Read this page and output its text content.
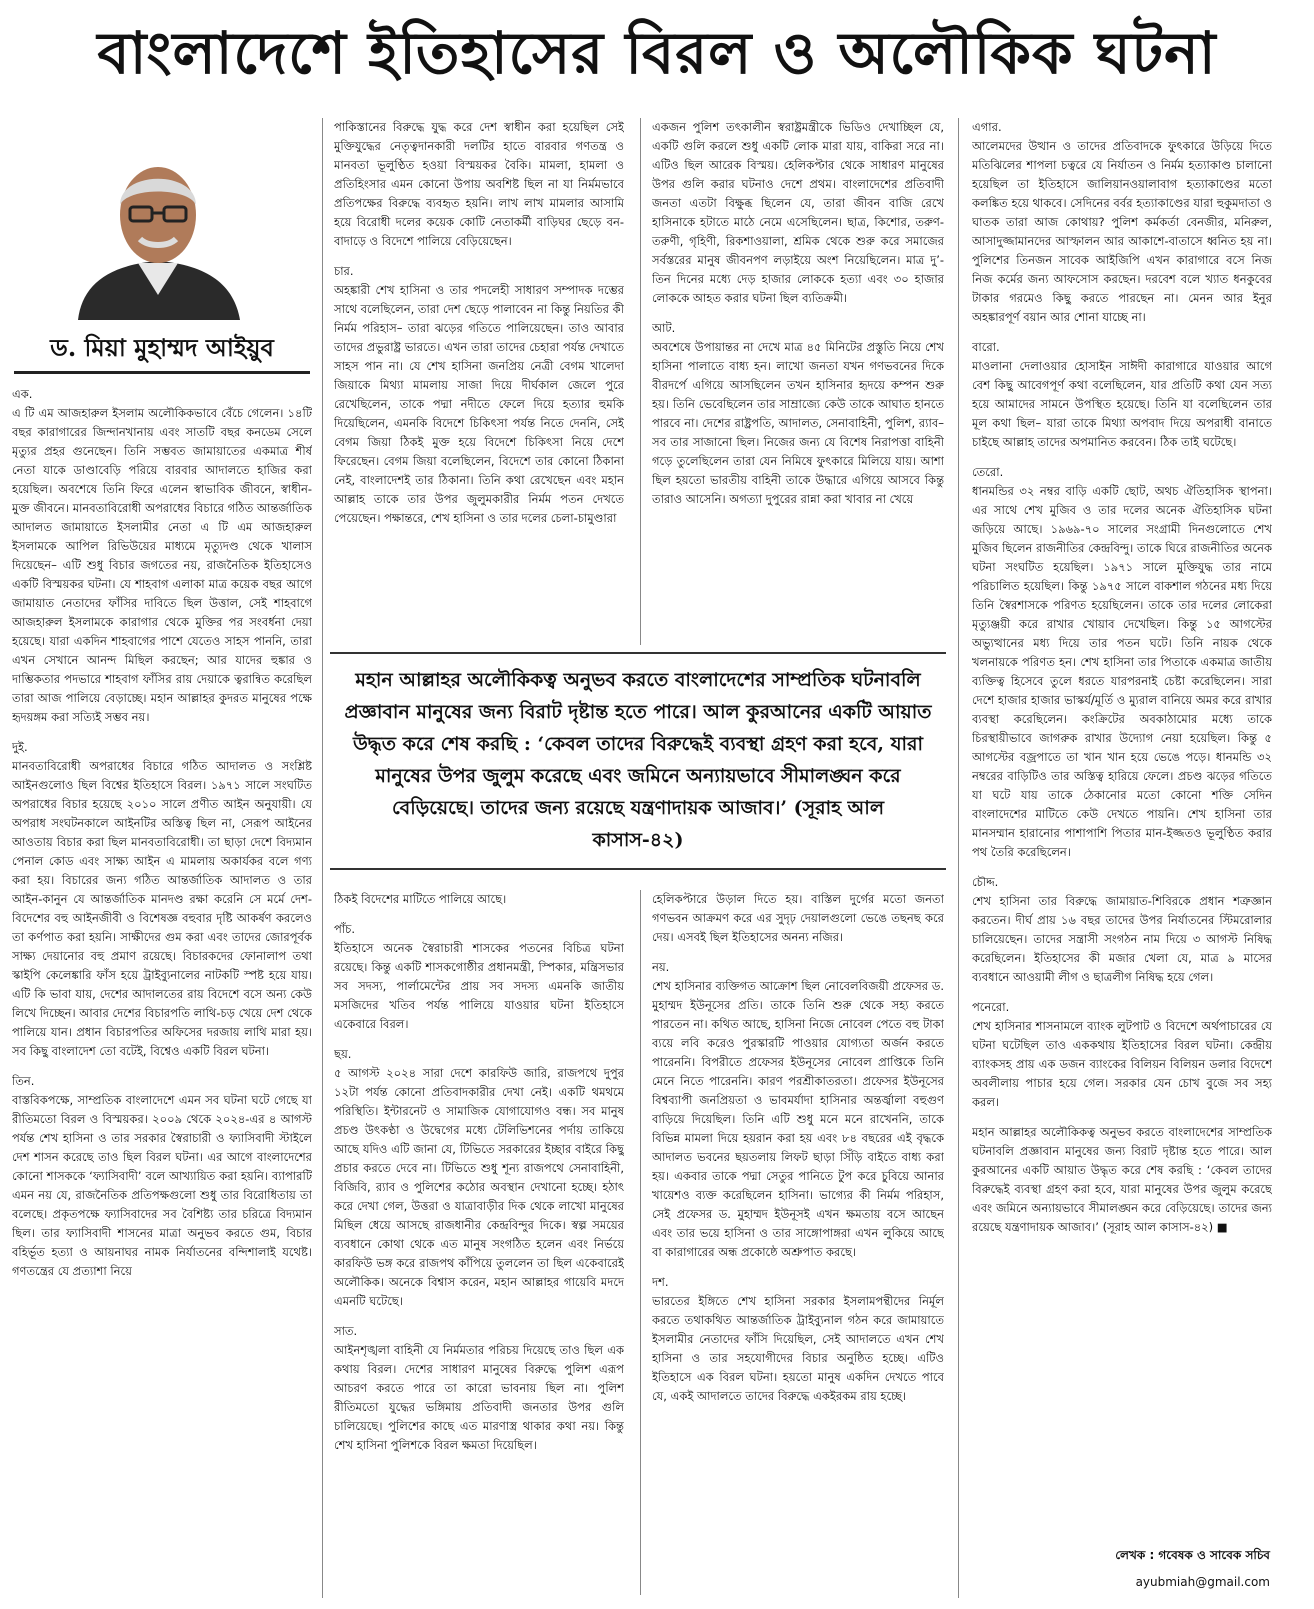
বাংলাদেশে ইতিহাসের বিরল ও অলৌকিক ঘটনা
ড. মিয়া মুহাম্মদ আইয়ুব

এক.
এ টি এম আজহারুল ইসলাম অলৌকিকভাবে বেঁচে গেলেন। ১৪টি বছর কারাগারের জিন্দানখানায় এবং সাতটি বছর কনডেম সেলে মৃত্যুর প্রহর গুনেছেন। তিনি সম্ভবত জামায়াতের একমাত্র শীর্ষ নেতা যাকে ডাণ্ডাবেড়ি পরিয়ে বারবার আদালতে হাজির করা হয়েছিল। অবশেষে তিনি ফিরে এলেন স্বাভাবিক জীবনে, স্বাধীন-মুক্ত জীবনে। মানবতাবিরোধী অপরাধের বিচারে গঠিত আন্তর্জাতিক আদালত জামায়াতে ইসলামীর নেতা এ টি এম আজহারুল ইসলামকে আপিল রিভিউয়ের মাধ্যমে মৃত্যুদণ্ড থেকে খালাস দিয়েছেন– এটি শুধু বিচার জগতের নয়, রাজনৈতিক ইতিহাসেও একটি বিস্ময়কর ঘটনা। যে শাহবাগ এলাকা মাত্র কয়েক বছর আগে জামায়াত নেতাদের ফাঁসির দাবিতে ছিল উত্তাল, সেই শাহবাগে আজহারুল ইসলামকে কারাগার থেকে মুক্তির পর সংবর্ধনা দেয়া হয়েছে। যারা একদিন শাহবাগের পাশে যেতেও সাহস পাননি, তারা এখন সেখানে আনন্দ মিছিল করছেন; আর যাদের হুঙ্কার ও দাম্ভিকতার পদভারে শাহবাগ ফাঁসির রায় দেয়াকে ত্বরান্বিত করেছিল তারা আজ পালিয়ে বেড়াচ্ছে। মহান আল্লাহর কুদরত মানুষের পক্ষে হৃদয়ঙ্গম করা সত্যিই সম্ভব নয়।

দুই.
মানবতাবিরোধী অপরাধের বিচারে গঠিত আদালত ও সংশ্লিষ্ট আইনগুলোও ছিল বিশ্বের ইতিহাসে বিরল। ১৯৭১ সালে সংঘটিত অপরাধের বিচার হয়েছে ২০১০ সালে প্রণীত আইন অনুযায়ী। যে অপরাধ সংঘটনকালে আইনটির অস্তিত্ব ছিল না, সেরূপ আইনের আওতায় বিচার করা ছিল মানবতাবিরোধী। তা ছাড়া দেশে বিদ্যমান পেনাল কোড এবং সাক্ষ্য আইন এ মামলায় অকার্যকর বলে গণ্য করা হয়। বিচারের জন্য গঠিত আন্তর্জাতিক আদালত ও তার আইন-কানুন যে আন্তর্জাতিক মানদণ্ড রক্ষা করেনি সে মর্মে দেশ-বিদেশের বহু আইনজীবী ও বিশেষজ্ঞ বহুবার দৃষ্টি আকর্ষণ করলেও তা কর্ণপাত করা হয়নি। সাক্ষীদের গুম করা এবং তাদের জোরপূর্বক সাক্ষ্য দেয়ানোর বহু প্রমাণ রয়েছে। বিচারকদের ফোনালাপ তথা স্কাইপি কেলেঙ্কারি ফাঁস হয়ে ট্রাইব্যুনালের নাটকটি স্পষ্ট হয়ে যায়। এটি কি ভাবা যায়, দেশের আদালতের রায় বিদেশে বসে অন্য কেউ লিখে দিচ্ছেন। আবার দেশের বিচারপতি লাথি-চড় খেয়ে দেশ থেকে পালিয়ে যান। প্রধান বিচারপতির অফিসের দরজায় লাথি মারা হয়। সব কিছু বাংলাদেশ তো বটেই, বিশ্বেও একটি বিরল ঘটনা।

তিন.
বাস্তবিকপক্ষে, সাম্প্রতিক বাংলাদেশে এমন সব ঘটনা ঘটে গেছে যা রীতিমতো বিরল ও বিস্ময়কর। ২০০৯ থেকে ২০২৪-এর ৪ আগস্ট পর্যন্ত শেখ হাসিনা ও তার সরকার স্বৈরাচারী ও ফ্যাসিবাদী স্টাইলে দেশ শাসন করেছে তাও ছিল বিরল ঘটনা। এর আগে বাংলাদেশের কোনো শাসককে ‘ফ্যাসিবাদী’ বলে আখ্যায়িত করা হয়নি। ব্যাপারটি এমন নয় যে, রাজনৈতিক প্রতিপক্ষগুলো শুধু তার বিরোধিতায় তা বলেছে। প্রকৃতপক্ষে ফ্যাসিবাদের সব বৈশিষ্ট্য তার চরিত্রে বিদ্যমান ছিল। তার ফ্যাসিবাদী শাসনের মাত্রা অনুভব করতে গুম, বিচার বহির্ভূত হত্যা ও আয়নাঘর নামক নির্যাতনের বন্দিশালাই যথেষ্ট। গণতন্ত্রের যে প্রত্যাশা নিয়ে

পাকিস্তানের বিরুদ্ধে যুদ্ধ করে দেশ স্বাধীন করা হয়েছিল সেই মুক্তিযুদ্ধের নেতৃত্বদানকারী দলটির হাতে বারবার গণতন্ত্র ও মানবতা ভূলুণ্ঠিত হওয়া বিস্ময়কর বৈকি। মামলা, হামলা ও প্রতিহিংসার এমন কোনো উপায় অবশিষ্ট ছিল না যা নির্মমভাবে প্রতিপক্ষের বিরুদ্ধে ব্যবহৃত হয়নি। লাখ লাখ মামলার আসামি হয়ে বিরোধী দলের কয়েক কোটি নেতাকর্মী বাড়িঘর ছেড়ে বন-বাদাড়ে ও বিদেশে পালিয়ে বেড়িয়েছেন।

চার.
অহঙ্কারী শেখ হাসিনা ও তার পদলেহী সাধারণ সম্পাদক দম্ভের সাথে বলেছিলেন, তারা দেশ ছেড়ে পালাবেন না কিন্তু নিয়তির কী নির্মম পরিহাস– তারা ঝড়ের গতিতে পালিয়েছেন। তাও আবার তাদের প্রভুরাষ্ট্র ভারতে। এখন তারা তাদের চেহারা পর্যন্ত দেখাতে সাহস পান না। যে শেখ হাসিনা জনপ্রিয় নেত্রী বেগম খালেদা জিয়াকে মিথ্যা মামলায় সাজা দিয়ে দীর্ঘকাল জেলে পুরে রেখেছিলেন, তাকে পদ্মা নদীতে ফেলে দিয়ে হত্যার হুমকি দিয়েছিলেন, এমনকি বিদেশে চিকিৎসা পর্যন্ত নিতে দেননি, সেই বেগম জিয়া ঠিকই মুক্ত হয়ে বিদেশে চিকিৎসা নিয়ে দেশে ফিরেছেন। বেগম জিয়া বলেছিলেন, বিদেশে তার কোনো ঠিকানা নেই, বাংলাদেশই তার ঠিকানা। তিনি কথা রেখেছেন এবং মহান আল্লাহ তাকে তার উপর জুলুমকারীর নির্মম পতন দেখতে পেয়েছেন। পক্ষান্তরে, শেখ হাসিনা ও তার দলের চেলা-চামুণ্ডারা

একজন পুলিশ তৎকালীন স্বরাষ্ট্রমন্ত্রীকে ভিডিও দেখাচ্ছিল যে, একটি গুলি করলে শুধু একটি লোক মারা যায়, বাকিরা সরে না। এটিও ছিল আরেক বিস্ময়। হেলিকপ্টার থেকে সাধারণ মানুষের উপর গুলি করার ঘটনাও দেশে প্রথম। বাংলাদেশের প্রতিবাদী জনতা এতটা বিক্ষুব্ধ ছিলেন যে, তারা জীবন বাজি রেখে হাসিনাকে হটাতে মাঠে নেমে এসেছিলেন। ছাত্র, কিশোর, তরুণ-তরুণী, গৃহিণী, রিকশাওয়ালা, শ্রমিক থেকে শুরু করে সমাজের সর্বস্তরের মানুষ জীবনপণ লড়াইয়ে অংশ নিয়েছিলেন। মাত্র দু’-তিন দিনের মধ্যে দেড় হাজার লোককে হত্যা এবং ৩০ হাজার লোককে আহত করার ঘটনা ছিল ব্যতিক্রমী।

আট.
অবশেষে উপায়ান্তর না দেখে মাত্র ৪৫ মিনিটের প্রস্তুতি নিয়ে শেখ হাসিনা পালাতে বাধ্য হন। লাখো জনতা যখন গণভবনের দিকে বীরদর্পে এগিয়ে আসছিলেন তখন হাসিনার হৃদয়ে কম্পন শুরু হয়। তিনি ভেবেছিলেন তার সাম্রাজ্যে কেউ তাকে আঘাত হানতে পারবে না। দেশের রাষ্ট্রপতি, আদালত, সেনাবাহিনী, পুলিশ, র‍্যাব– সব তার সাজানো ছিল। নিজের জন্য যে বিশেষ নিরাপত্তা বাহিনী গড়ে তুলেছিলেন তারা যেন নিমিষে ফুৎকারে মিলিয়ে যায়। আশা ছিল হয়তো ভারতীয় বাহিনী তাকে উদ্ধারে এগিয়ে আসবে কিন্তু তারাও আসেনি। অগত্যা দুপুরের রান্না করা খাবার না খেয়ে

মহান আল্লাহর অলৌকিকত্ব অনুভব করতে বাংলাদেশের সাম্প্রতিক ঘটনাবলি প্রজ্ঞাবান মানুষের জন্য বিরাট দৃষ্টান্ত হতে পারে। আল কুরআনের একটি আয়াত উদ্ধৃত করে শেষ করছি : ‘কেবল তাদের বিরুদ্ধেই ব্যবস্থা গ্রহণ করা হবে, যারা মানুষের উপর জুলুম করেছে এবং জমিনে অন্যায়ভাবে সীমালঙ্ঘন করে বেড়িয়েছে। তাদের জন্য রয়েছে যন্ত্রণাদায়ক আজাব।’ (সূরাহ আল কাসাস-৪২)

ঠিকই বিদেশের মাটিতে পালিয়ে আছে।

পাঁচ.
ইতিহাসে অনেক স্বৈরাচারী শাসকের পতনের বিচিত্র ঘটনা রয়েছে। কিন্তু একটি শাসকগোষ্ঠীর প্রধানমন্ত্রী, স্পিকার, মন্ত্রিসভার সব সদস্য, পার্লামেন্টের প্রায় সব সদস্য এমনকি জাতীয় মসজিদের খতিব পর্যন্ত পালিয়ে যাওয়ার ঘটনা ইতিহাসে একেবারে বিরল।

ছয়.
৫ আগস্ট ২০২৪ সারা দেশে কারফিউ জারি, রাজপথে দুপুর ১২টা পর্যন্ত কোনো প্রতিবাদকারীর দেখা নেই। একটি থমথমে পরিস্থিতি। ইন্টারনেট ও সামাজিক যোগাযোগও বন্ধ। সব মানুষ প্রচণ্ড উৎকণ্ঠা ও উদ্বেগের মধ্যে টেলিভিশনের পর্দায় তাকিয়ে আছে যদিও এটি জানা যে, টিভিতে সরকারের ইচ্ছার বাইরে কিছু প্রচার করতে দেবে না। টিভিতে শুধু শূন্য রাজপথে সেনাবাহিনী, বিজিবি, র‍্যাব ও পুলিশের কঠোর অবস্থান দেখানো হচ্ছে। হঠাৎ করে দেখা গেল, উত্তরা ও যাত্রাবাড়ীর দিক থেকে লাখো মানুষের মিছিল ধেয়ে আসছে রাজধানীর কেন্দ্রবিন্দুর দিকে। স্বল্প সময়ের ব্যবধানে কোথা থেকে এত মানুষ সংগঠিত হলেন এবং নির্ভয়ে কারফিউ ভঙ্গ করে রাজপথ কাঁপিয়ে তুললেন তা ছিল একেবারেই অলৌকিক। অনেকে বিশ্বাস করেন, মহান আল্লাহর গায়েবি মদদে এমনটি ঘটেছে।

সাত.
আইনশৃঙ্খলা বাহিনী যে নির্মমতার পরিচয় দিয়েছে তাও ছিল এক কথায় বিরল। দেশের সাধারণ মানুষের বিরুদ্ধে পুলিশ এরূপ আচরণ করতে পারে তা কারো ভাবনায় ছিল না। পুলিশ রীতিমতো যুদ্ধের ভঙ্গিমায় প্রতিবাদী জনতার উপর গুলি চালিয়েছে। পুলিশের কাছে এত মারণাস্ত্র থাকার কথা নয়। কিন্তু শেখ হাসিনা পুলিশকে বিরল ক্ষমতা দিয়েছিল।

হেলিকপ্টারে উড়াল দিতে হয়। বাস্তিল দুর্গের মতো জনতা গণভবন আক্রমণ করে এর সুদৃঢ় দেয়ালগুলো ভেঙে তছনছ করে দেয়। এসবই ছিল ইতিহাসের অনন্য নজির।

নয়.
শেখ হাসিনার ব্যক্তিগত আক্রোশ ছিল নোবেলবিজয়ী প্রফেসর ড. মুহাম্মদ ইউনূসের প্রতি। তাকে তিনি শুরু থেকে সহ্য করতে পারতেন না। কথিত আছে, হাসিনা নিজে নোবেল পেতে বহু টাকা ব্যয়ে লবি করেও পুরস্কারটি পাওয়ার যোগ্যতা অর্জন করতে পারেননি। বিপরীতে প্রফেসর ইউনূসের নোবেল প্রাপ্তিকে তিনি মেনে নিতে পারেননি। কারণ পরশ্রীকাতরতা। প্রফেসর ইউনূসের বিশ্বব্যাপী জনপ্রিয়তা ও ভাবমর্যাদা হাসিনার অন্তর্জ্বালা বহুগুণ বাড়িয়ে দিয়েছিল। তিনি এটি শুধু মনে মনে রাখেননি, তাকে বিভিন্ন মামলা দিয়ে হয়রান করা হয় এবং ৮৪ বছরের এই বৃদ্ধকে আদালত ভবনের ছয়তলায় লিফট ছাড়া সিঁড়ি বাইতে বাধ্য করা হয়। একবার তাকে পদ্মা সেতুর পানিতে টুপ করে চুবিয়ে আনার খায়েশও ব্যক্ত করেছিলেন হাসিনা। ভাগ্যের কী নির্মম পরিহাস, সেই প্রফেসর ড. মুহাম্মদ ইউনূসই এখন ক্ষমতায় বসে আছেন এবং তার ভয়ে হাসিনা ও তার সাঙ্গোপাঙ্গরা এখন লুকিয়ে আছে বা কারাগারের অন্ধ প্রকোষ্ঠে অশ্রুপাত করছে।

দশ.
ভারতের ইঙ্গিতে শেখ হাসিনা সরকার ইসলামপন্থীদের নির্মূল করতে তথাকথিত আন্তর্জাতিক ট্রাইব্যুনাল গঠন করে জামায়াতে ইসলামীর নেতাদের ফাঁসি দিয়েছিল, সেই আদালতে এখন শেখ হাসিনা ও তার সহযোগীদের বিচার অনুষ্ঠিত হচ্ছে। এটিও ইতিহাসে এক বিরল ঘটনা। হয়তো মানুষ একদিন দেখতে পাবে যে, একই আদালতে তাদের বিরুদ্ধে একইরকম রায় হচ্ছে।

এগার.
আলেমদের উত্থান ও তাদের প্রতিবাদকে ফুৎকারে উড়িয়ে দিতে মতিঝিলের শাপলা চত্বরে যে নির্যাতন ও নির্মম হত্যাকাণ্ড চালানো হয়েছিল তা ইতিহাসে জালিয়ানওয়ালাবাগ হত্যাকাণ্ডের মতো কলঙ্কিত হয়ে থাকবে। সেদিনের বর্বর হত্যাকাণ্ডের যারা হুকুমদাতা ও ঘাতক তারা আজ কোথায়? পুলিশ কর্মকর্তা বেনজীর, মনিরুল, আসাদুজ্জামানদের আস্ফালন আর আকাশে-বাতাসে ধ্বনিত হয় না। পুলিশের তিনজন সাবেক আইজিপি এখন কারাগারে বসে নিজ নিজ কর্মের জন্য আফসোস করছেন। দরবেশ বলে খ্যাত ধনকুবের টাকার গরমেও কিছু করতে পারছেন না। মেনন আর ইনুর অহঙ্কারপূর্ণ বয়ান আর শোনা যাচ্ছে না।

বারো.
মাওলানা দেলাওয়ার হোসাইন সাঈদী কারাগারে যাওয়ার আগে বেশ কিছু আবেগপূর্ণ কথা বলেছিলেন, যার প্রতিটি কথা যেন সত্য হয়ে আমাদের সামনে উপস্থিত হয়েছে। তিনি যা বলেছিলেন তার মূল কথা ছিল– যারা তাকে মিথ্যা অপবাদ দিয়ে অপরাধী বানাতে চাইছে আল্লাহ তাদের অপমানিত করবেন। ঠিক তাই ঘটেছে।

তেরো.
ধানমন্ডির ৩২ নম্বর বাড়ি একটি ছোট, অথচ ঐতিহাসিক স্থাপনা। এর সাথে শেখ মুজিব ও তার দলের অনেক ঐতিহাসিক ঘটনা জড়িয়ে আছে। ১৯৬৯-৭০ সালের সংগ্রামী দিনগুলোতে শেখ মুজিব ছিলেন রাজনীতির কেন্দ্রবিন্দু। তাকে ঘিরে রাজনীতির অনেক ঘটনা সংঘটিত হয়েছিল। ১৯৭১ সালে মুক্তিযুদ্ধ তার নামে পরিচালিত হয়েছিল। কিন্তু ১৯৭৫ সালে বাকশাল গঠনের মধ্য দিয়ে তিনি স্বৈরশাসকে পরিণত হয়েছিলেন। তাকে তার দলের লোকেরা মৃত্যুঞ্জয়ী করে রাখার খোয়াব দেখেছিল। কিন্তু ১৫ আগস্টের অভ্যুত্থানের মধ্য দিয়ে তার পতন ঘটে। তিনি নায়ক থেকে খলনায়কে পরিণত হন। শেখ হাসিনা তার পিতাকে একমাত্র জাতীয় ব্যক্তিত্ব হিসেবে তুলে ধরতে যারপরনাই চেষ্টা করেছিলেন। সারা দেশে হাজার হাজার ভাস্কর্য/মূর্তি ও ম্যুরাল বানিয়ে অমর করে রাখার ব্যবস্থা করেছিলেন। কংক্রিটের অবকাঠামোর মধ্যে তাকে চিরস্থায়ীভাবে জাগরুক রাখার উদ্যোগ নেয়া হয়েছিল। কিন্তু ৫ আগস্টের বজ্রপাতে তা খান খান হয়ে ভেঙে পড়ে। ধানমন্ডি ৩২ নম্বরের বাড়িটিও তার অস্তিত্ব হারিয়ে ফেলে। প্রচণ্ড ঝড়ের গতিতে যা ঘটে যায় তাকে ঠেকানোর মতো কোনো শক্তি সেদিন বাংলাদেশের মাটিতে কেউ দেখতে পায়নি। শেখ হাসিনা তার মানসম্মান হারানোর পাশাপাশি পিতার মান-ইজ্জতও ভূলুণ্ঠিত করার পথ তৈরি করেছিলেন।

চৌদ্দ.
শেখ হাসিনা তার বিরুদ্ধে জামায়াত-শিবিরকে প্রধান শত্রুজ্ঞান করতেন। দীর্ঘ প্রায় ১৬ বছর তাদের উপর নির্যাতনের স্টিমরোলার চালিয়েছেন। তাদের সন্ত্রাসী সংগঠন নাম দিয়ে ৩ আগস্ট নিষিদ্ধ করেছিলেন। ইতিহাসের কী মজার খেলা যে, মাত্র ৯ মাসের ব্যবধানে আওয়ামী লীগ ও ছাত্রলীগ নিষিদ্ধ হয়ে গেল।

পনেরো.
শেখ হাসিনার শাসনামলে ব্যাংক লুটপাট ও বিদেশে অর্থপাচারের যে ঘটনা ঘটেছিল তাও এককথায় ইতিহাসের বিরল ঘটনা। কেন্দ্রীয় ব্যাংকসহ প্রায় এক ডজন ব্যাংকের বিলিয়ন বিলিয়ন ডলার বিদেশে অবলীলায় পাচার হয়ে গেল। সরকার যেন চোখ বুজে সব সহ্য করল।

মহান আল্লাহর অলৌকিকত্ব অনুভব করতে বাংলাদেশের সাম্প্রতিক ঘটনাবলি প্রজ্ঞাবান মানুষের জন্য বিরাট দৃষ্টান্ত হতে পারে। আল কুরআনের একটি আয়াত উদ্ধৃত করে শেষ করছি : ‘কেবল তাদের বিরুদ্ধেই ব্যবস্থা গ্রহণ করা হবে, যারা মানুষের উপর জুলুম করেছে এবং জমিনে অন্যায়ভাবে সীমালঙ্ঘন করে বেড়িয়েছে। তাদের জন্য রয়েছে যন্ত্রণাদায়ক আজাব।’ (সূরাহ আল কাসাস-৪২) ■

লেখক : গবেষক ও সাবেক সচিব
ayubmiah@gmail.com
